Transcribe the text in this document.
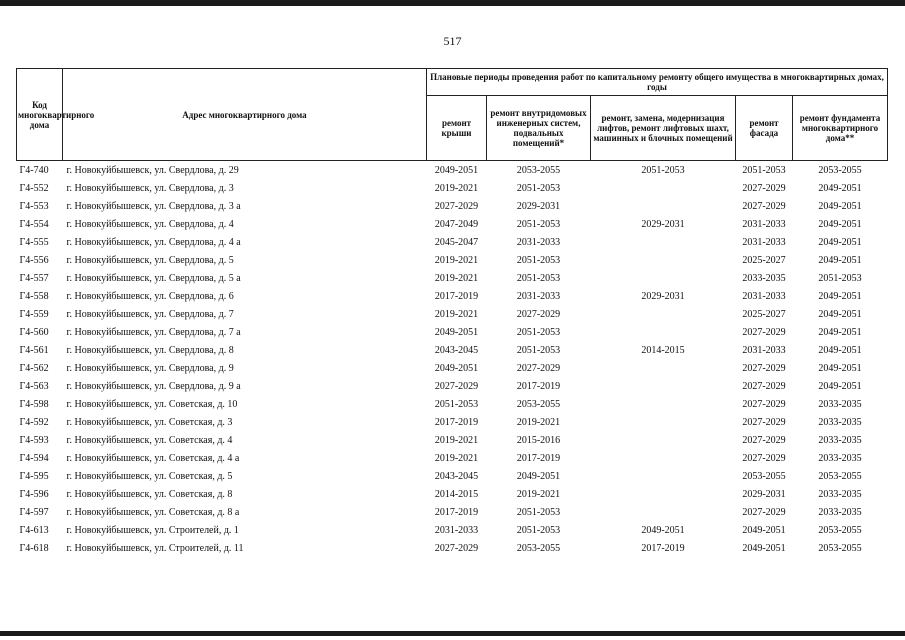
517
Код многоквартирного дома	Адрес многоквартирного дома	Плановые периоды проведения работ по капитальному ремонту общего имущества в многоквартирных домах, годы				
		ремонт крыши	ремонт внутридомовых инженерных систем, подвальных помещений*	ремонт, замена, модернизация лифтов, ремонт лифтовых шахт, машинных и блочных помещений	ремонт фасада	ремонт фундамента многоквартирного дома**
Г4-740	г. Новокуйбышевск, ул. Свердлова, д. 29	2049-2051	2053-2055	2051-2053	2051-2053	2053-2055
Г4-552	г. Новокуйбышевск, ул. Свердлова, д. 3	2019-2021	2051-2053		2027-2029	2049-2051
Г4-553	г. Новокуйбышевск, ул. Свердлова, д. 3 а	2027-2029	2029-2031		2027-2029	2049-2051
Г4-554	г. Новокуйбышевск, ул. Свердлова, д. 4	2047-2049	2051-2053	2029-2031	2031-2033	2049-2051
Г4-555	г. Новокуйбышевск, ул. Свердлова, д. 4 а	2045-2047	2031-2033		2031-2033	2049-2051
Г4-556	г. Новокуйбышевск, ул. Свердлова, д. 5	2019-2021	2051-2053		2025-2027	2049-2051
Г4-557	г. Новокуйбышевск, ул. Свердлова, д. 5 а	2019-2021	2051-2053		2033-2035	2051-2053
Г4-558	г. Новокуйбышевск, ул. Свердлова, д. 6	2017-2019	2031-2033	2029-2031	2031-2033	2049-2051
Г4-559	г. Новокуйбышевск, ул. Свердлова, д. 7	2019-2021	2027-2029		2025-2027	2049-2051
Г4-560	г. Новокуйбышевск, ул. Свердлова, д. 7 а	2049-2051	2051-2053		2027-2029	2049-2051
Г4-561	г. Новокуйбышевск, ул. Свердлова, д. 8	2043-2045	2051-2053	2014-2015	2031-2033	2049-2051
Г4-562	г. Новокуйбышевск, ул. Свердлова, д. 9	2049-2051	2027-2029		2027-2029	2049-2051
Г4-563	г. Новокуйбышевск, ул. Свердлова, д. 9 а	2027-2029	2017-2019		2027-2029	2049-2051
Г4-598	г. Новокуйбышевск, ул. Советская, д. 10	2051-2053	2053-2055		2027-2029	2033-2035
Г4-592	г. Новокуйбышевск, ул. Советская, д. 3	2017-2019	2019-2021		2027-2029	2033-2035
Г4-593	г. Новокуйбышевск, ул. Советская, д. 4	2019-2021	2015-2016		2027-2029	2033-2035
Г4-594	г. Новокуйбышевск, ул. Советская, д. 4 а	2019-2021	2017-2019		2027-2029	2033-2035
Г4-595	г. Новокуйбышевск, ул. Советская, д. 5	2043-2045	2049-2051		2053-2055	2053-2055
Г4-596	г. Новокуйбышевск, ул. Советская, д. 8	2014-2015	2019-2021		2029-2031	2033-2035
Г4-597	г. Новокуйбышевск, ул. Советская, д. 8 а	2017-2019	2051-2053		2027-2029	2033-2035
Г4-613	г. Новокуйбышевск, ул. Строителей, д. 1	2031-2033	2051-2053	2049-2051	2049-2051	2053-2055
Г4-618	г. Новокуйбышевск, ул. Строителей, д. 11	2027-2029	2053-2055	2017-2019	2049-2051	2053-2055
